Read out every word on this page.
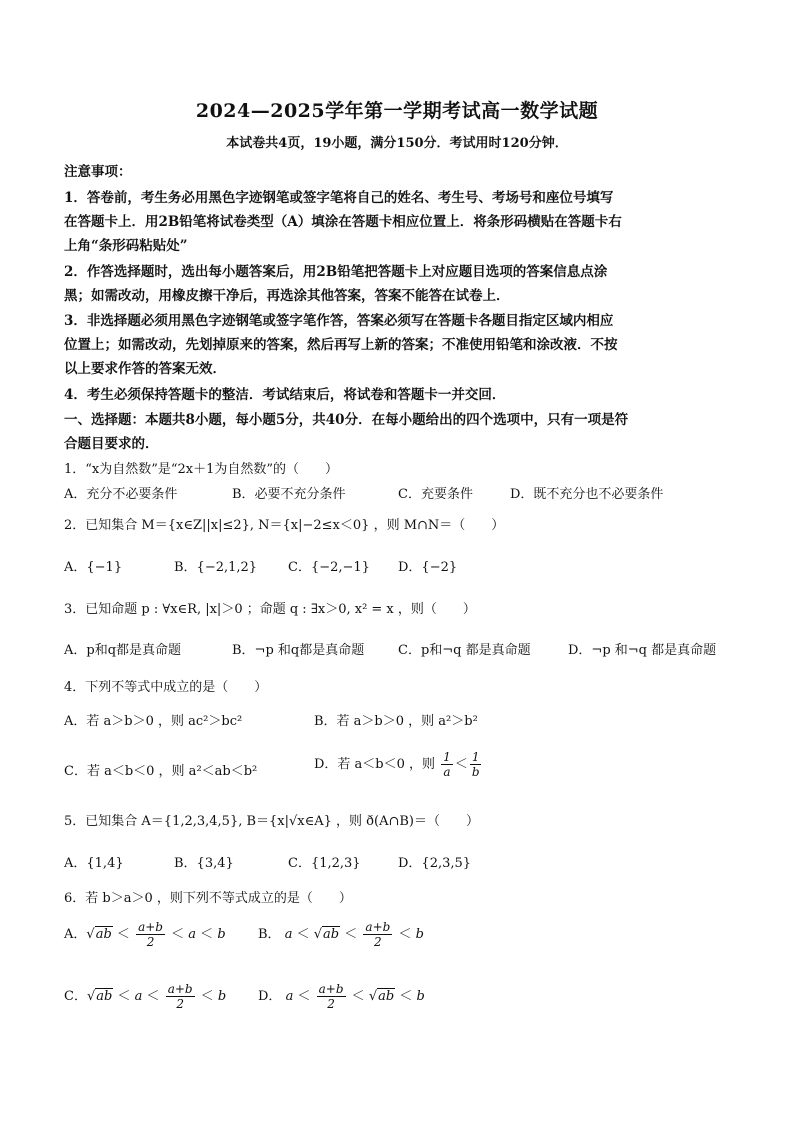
2024—2025学年第一学期考试高一数学试题
本试卷共4页，19小题，满分150分．考试用时120分钟．
注意事项：
1．答卷前，考生务必用黑色字迹钢笔或签字笔将自己的姓名、考生号、考场号和座位号填写
在答题卡上．用2B铅笔将试卷类型（A）填涂在答题卡相应位置上．将条形码横贴在答题卡右
上角“条形码粘贴处”
2．作答选择题时，选出每小题答案后，用2B铅笔把答题卡上对应题目选项的答案信息点涂
黑；如需改动，用橡皮擦干净后，再选涂其他答案，答案不能答在试卷上．
3．非选择题必须用黑色字迹钢笔或签字笔作答，答案必须写在答题卡各题目指定区域内相应
位置上；如需改动，先划掉原来的答案，然后再写上新的答案；不准使用铅笔和涂改液．不按
以上要求作答的答案无效．
4．考生必须保持答题卡的整洁．考试结束后，将试卷和答题卡一并交回．
一、选择题：本题共8小题，每小题5分，共40分．在每小题给出的四个选项中，只有一项是符
合题目要求的．
1．“x为自然数”是“2x＋1为自然数”的（　　）
A．充分不必要条件	B．必要不充分条件	C．充要条件	D．既不充分也不必要条件
2．已知集合 M＝{x∈Z||x|≤2}, N＝{x|−2≤x＜0} ，则 M∩N＝（　　）
A．{−1}	B．{−2,1,2} C．{−2,−1} D．{−2}
3．已知命题 p : ∀x∈R, |x|＞0 ；命题 q : ∃x＞0, x² = x ，则（　　）
A．p和q都是真命题	B．¬p 和q都是真命题	C．p和¬q 都是真命题	D．¬p 和¬q 都是真命题
4．下列不等式中成立的是（　　）
A．若 a＞b＞0 ，则 ac²＞bc²	B．若 a＞b＞0 ，则 a²＞b²
C．若 a＜b＜0 ，则 a²＜ab＜b²	D．若 a＜b＜0 ，则 $\frac{1}{a} < \frac{1}{b}$
5．已知集合 A＝{1,2,3,4,5}, B＝{x|√x∈A} ，则 ð(A∩B)＝（　　）
A．{1,4}	B．{3,4}	C．{1,2,3}	D．{2,3,5}
6．若 b＞a＞0 ，则下列不等式成立的是（　　）
A．$√ab < \frac{a+b}{2} < a < b$ B． $a < √ab < \frac{a+b}{2} < b$
C．$√ab < a < \frac{a+b}{2} < b$ D． $a < \frac{a+b}{2} < √ab < b$
